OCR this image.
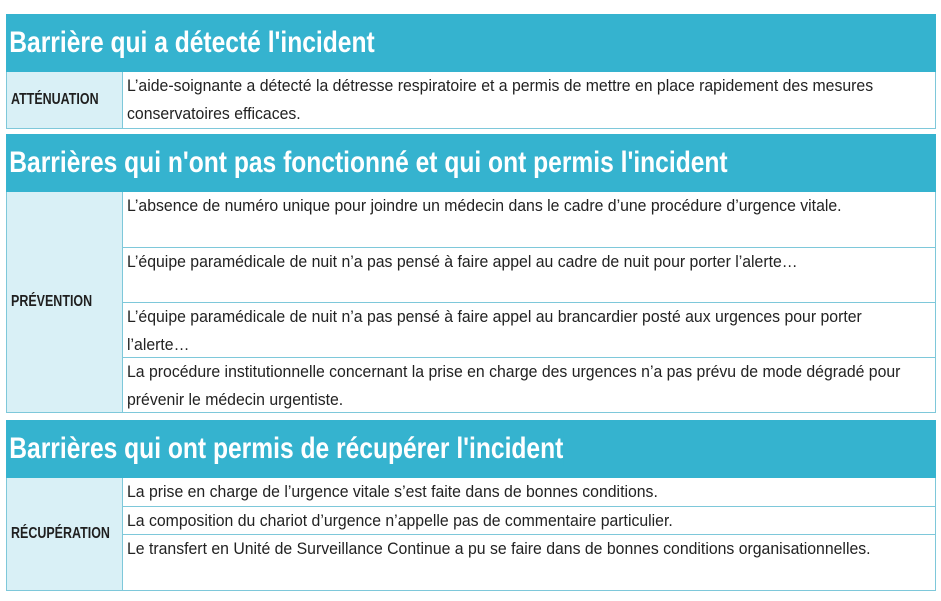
Barrière qui a détecté l'incident
ATTÉNUATION
L’aide-soignante a détecté la détresse respiratoire et a permis de mettre en place rapidement des mesures conservatoires efficaces.
Barrières qui n'ont pas fonctionné et qui ont permis l'incident
PRÉVENTION
L’absence de numéro unique pour joindre un médecin dans le cadre d’une procédure d’urgence vitale.
L’équipe paramédicale de nuit n’a pas pensé à faire appel au cadre de nuit pour porter l’alerte…
L’équipe paramédicale de nuit n’a pas pensé à faire appel au brancardier posté aux urgences pour porter l’alerte…
La procédure institutionnelle concernant la prise en charge des urgences n’a pas prévu de mode dégradé pour prévenir le médecin urgentiste.
Barrières qui ont permis de récupérer l'incident
RÉCUPÉRATION
La prise en charge de l’urgence vitale s’est faite dans de bonnes conditions.
La composition du chariot d’urgence n’appelle pas de commentaire particulier.
Le transfert en Unité de Surveillance Continue a pu se faire dans de bonnes conditions organisationnelles.
